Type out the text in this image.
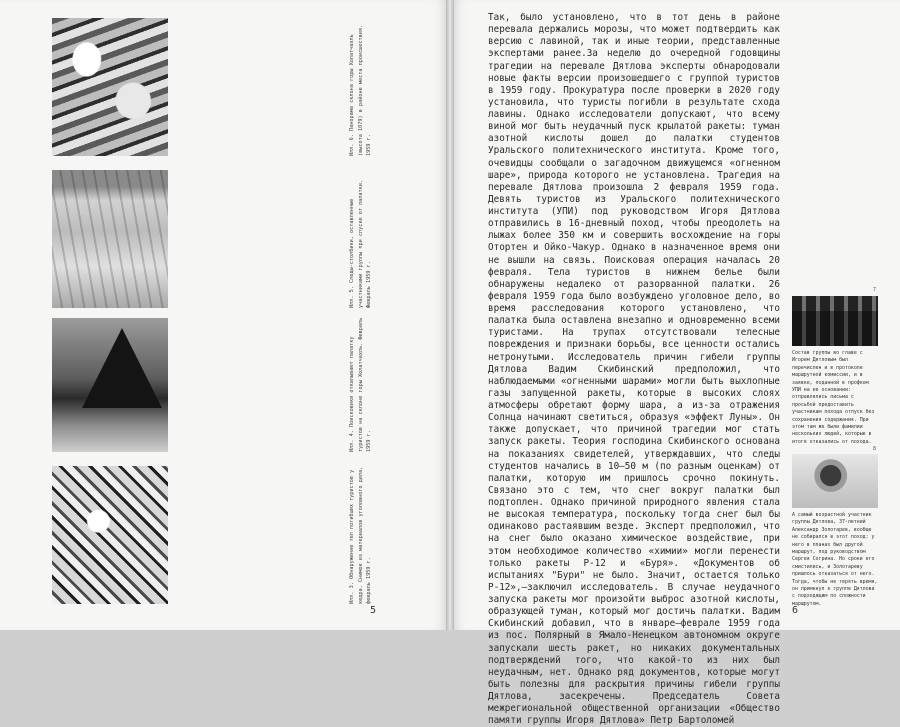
Илл. 6. Панорама склона горы Холатчахль (высота 1079) в районе места происшествия. 1959 г.
Илл. 5. Следы-столбики, оставленные участниками группы при спуске от палатки. Февраль 1959 г.
Илл. 4. Поисковики откапывают палатку туристов на склоне горы Холатчахль. Февраль 1959 г.
Илл. 3. Обнаружение тел погибших туристов у кедра. Снимок из материалов уголовного дела, февраль 1959 г.
5

Так, было установлено, что в тот день в районе перевала держались морозы, что может подтвердить как версию с лавиной, так и иные теории, представленные экспертами ранее.За неделю до очередной годовщины трагедии на перевале Дятлова эксперты обнародовали новые факты версии произошедшего с группой туристов в 1959 году. Прокуратура после проверки в 2020 году установила, что туристы погибли в результате схода лавины. Однако исследователи допускают, что всему виной мог быть неудачный пуск крылатой ракеты: туман азотной кислоты дошел до палатки студентов Уральского политехнического института. Кроме того, очевидцы сообщали о загадочном движущемся «огненном шаре», природа которого не установлена. Трагедия на перевале Дятлова произошла 2 февраля 1959 года. Девять туристов из Уральского политехнического института (УПИ) под руководством Игоря Дятлова отправились в 16-дневный поход, чтобы преодолеть на лыжах более 350 км и совершить восхождение на горы Отортен и Ойко-Чакур. Однако в назначенное время они не вышли на связь. Поисковая операция началась 20 февраля. Тела туристов в нижнем белье были обнаружены недалеко от разорванной палатки. 26 февраля 1959 года было возбуждено уголовное дело, во время расследования которого установлено, что палатка была оставлена внезапно и одновременно всеми туристами. На трупах отсутствовали телесные повреждения и признаки борьбы, все ценности остались нетронутыми. Исследователь причин гибели группы Дятлова Вадим Скибинский предположил, что наблюдаемыми «огненными шарами» могли быть выхлопные газы запущенной ракеты, которые в высоких слоях атмосферы обретают форму шара, а из-за отражения Солнца начинают светиться, образуя «эффект Луны». Он также допускает, что причиной трагедии мог стать запуск ракеты. Теория господина Скибинского основана на показаниях свидетелей, утверждавших, что следы студентов начались в 10–50 м (по разным оценкам) от палатки, которую им пришлось срочно покинуть. Связано это с тем, что снег вокруг палатки был подтоплен. Однако причиной природного явления стала не высокая температура, поскольку тогда снег был бы одинаково растаявшим везде. Эксперт предположил, что на снег было оказано химическое воздействие, при этом необходимое количество «химии» могли перенести только ракеты Р-12 и «Буря». «Документов об испытаниях "Бури" не было. Значит, остается только Р-12»,—заключил исследователь. В случае неудачного запуска ракеты мог произойти выброс азотной кислоты, образующей туман, который мог достичь палатки. Вадим Скибинский добавил, что в январе–феврале 1959 года из пос. Полярный в Ямало-Ненецком автономном округе запускали шесть ракет, но никаких документальных подтверждений того, что какой-то из них был неудачным, нет. Однако ряд документов, которые могут быть полезны для раскрытия причины гибели группы Дятлова, засекречены. Председатель Совета межрегиональной общественной организации «Общество памяти группы Игоря Дятлова» Петр Бартоломей

7

Состав группы во главе с Игорем Дятловым был перечислен и в протоколе маршрутной комиссии, и в заявке, поданной в профком УПИ на ее основании: отправлялись письма с просьбой предоставить участникам похода отпуск без сохранения содержания. При этом там же были фамилии нескольких людей, которые в итоге отказались от похода.

8

А самый возрастной участник группы Дятлова, 37-летний Александр Золотарев, вообще не собирался в этот поход: у него в планах был другой маршрут, под руководством Сергея Согрина. Но сроки его смистились, и Золотареву пришлось отказаться от него. Тогда, чтобы не терять время, он примкнул к группе Дятлова с подходящим по сложности маршрутом.

6
